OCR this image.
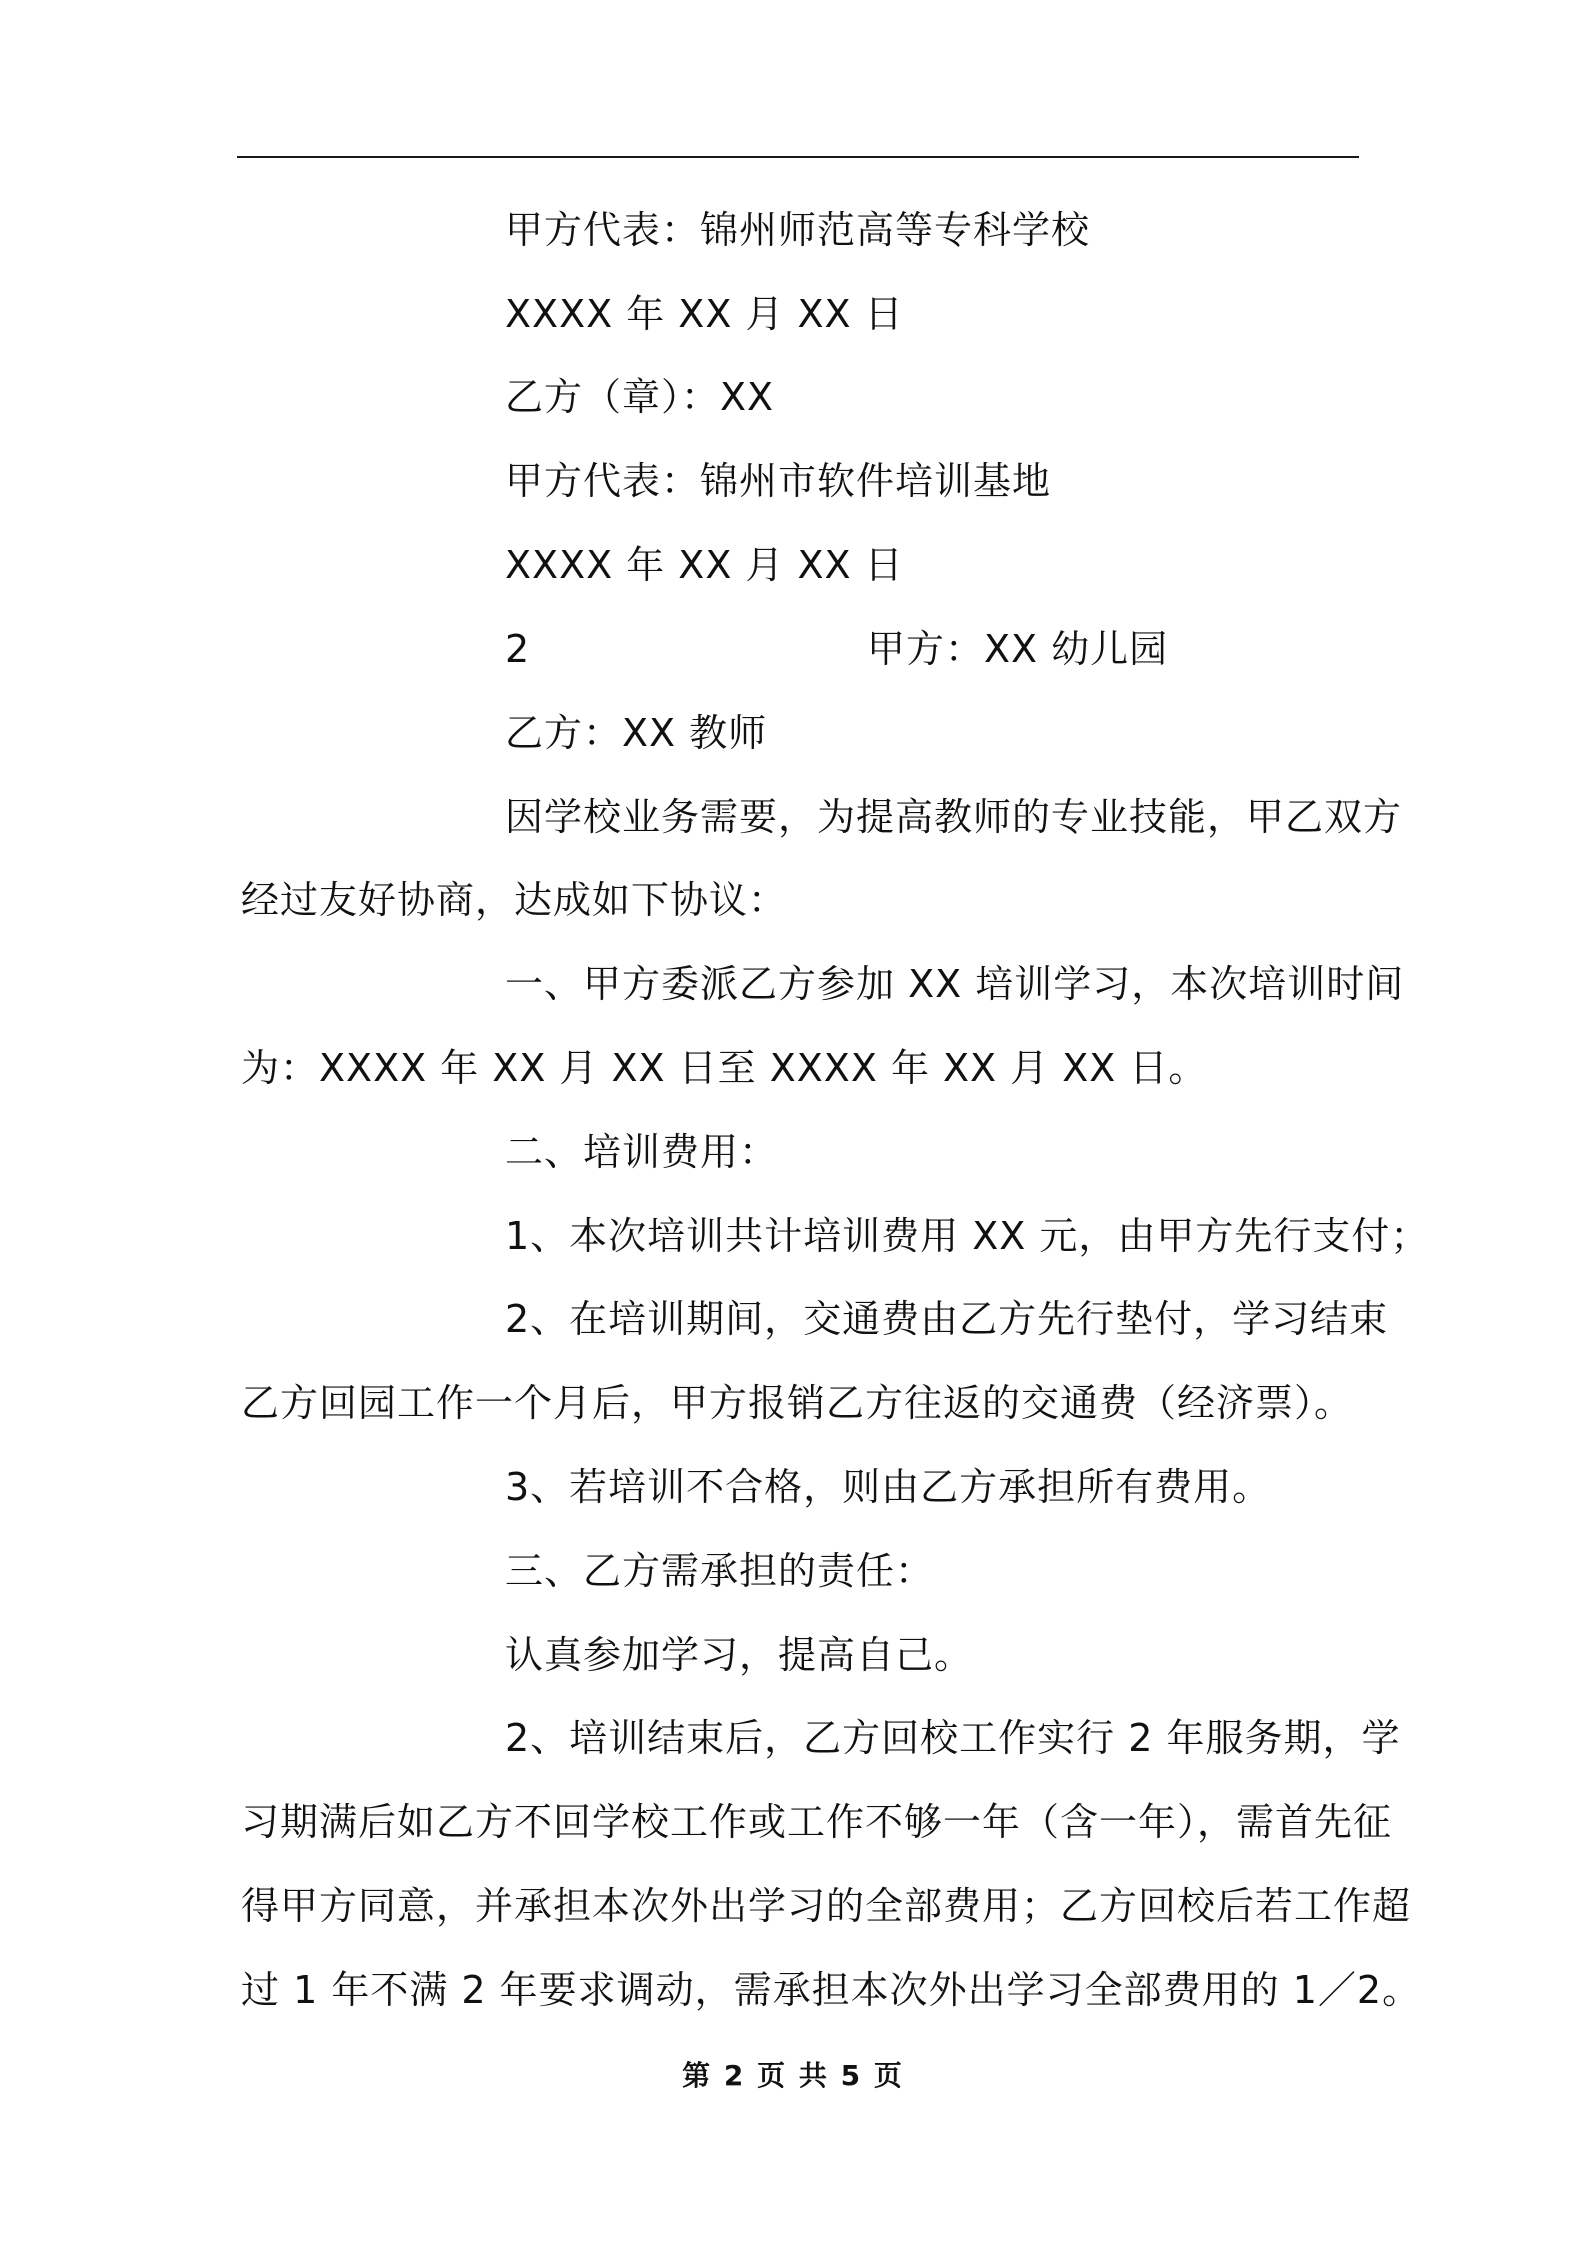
甲方代表：锦州师范高等专科学校
XXXX 年 XX 月 XX 日
乙方（章）：XX
甲方代表：锦州市软件培训基地
XXXX 年 XX 月 XX 日
2	甲方：XX 幼儿园
乙方：XX 教师
因学校业务需要，为提高教师的专业技能，甲乙双方
经过友好协商，达成如下协议：
一、甲方委派乙方参加 XX 培训学习，本次培训时间
为：XXXX 年 XX 月 XX 日至 XXXX 年 XX 月 XX 日。
二、培训费用：
1、本次培训共计培训费用 XX 元，由甲方先行支付；
2、在培训期间，交通费由乙方先行垫付，学习结束
乙方回园工作一个月后，甲方报销乙方往返的交通费（经济票）。
3、若培训不合格，则由乙方承担所有费用。
三、乙方需承担的责任：
认真参加学习，提高自己。
2、培训结束后，乙方回校工作实行 2 年服务期，学
习期满后如乙方不回学校工作或工作不够一年（含一年），需首先征
得甲方同意，并承担本次外出学习的全部费用；乙方回校后若工作超
过 1 年不满 2 年要求调动，需承担本次外出学习全部费用的 1／2。
第 2 页 共 5 页
